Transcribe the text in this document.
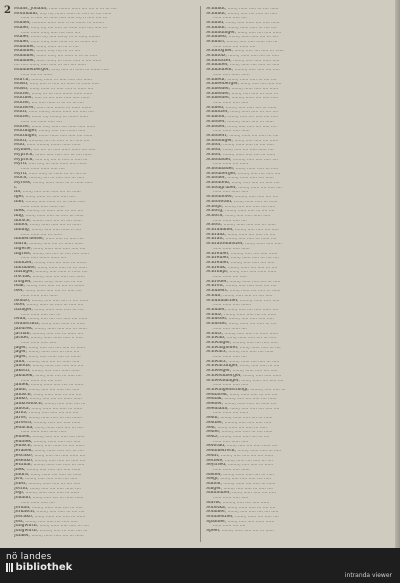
2 Hums, Johann, ...... ........ ...... .... .... .. ... ... ....
Hoffmann, ...., ..., ....... ...... ... ..... ... .... ......
...... .. ..... ... ...... ..... ..... ..., .. ..... .... ...
Humel, .......... ...... ..... .. ... ....... ... ........
Huber, ....., ..., .... ..... ... ...... ..... ..., ..... ...
...... ...... ....., ..... .... ..... ....
Huber, ....... ..., ..... ......, ... .. ....., ........
Huber, ...... ....., ..... ...... ... ... ....... ....
Hummel, ......, ...... ... ... .. ....
Hummel, ....... ...., ..., ... ... ....
Hummel, ....... ....., .... ...... .. ... ... .....
Hummel, ...... ......, ... ...... ..... .. .... ......
.... ..... ......, ..... ..... ... .... .... ......
Hummelberger, ....., ..... ... ...... ... ....... .....
...... .... ... ......
Hurch, ......., ...... ... ..... ..... .... ......
Hussl, ....., ..... .. ..... ... ...... ... ...... .....
Hussl, ......, ...... ... ..... ..... .. ...... ....
Hutter, ......, ... ... ..... ....... ...... ......
Huttner, ..... ... .... ..... ..... ..... ......
Hutter, .... ..... ...... .. ... ... ... ....
Hutterer, ...... ..... ....... ... ...... .......
Huttr, ...... ......., ....... ...... .... ..... ....
Hütter, ....... ..., ......., ... ....... ......
...... .... ...... ..... ....
Hütter, ....... ...., ...... .... ...... ..... ......
Hüttinger, ......., ..... .... ....... .....
Hüttinger, ....... ...... ..... ..... .... ......
Hüttl, ........., .... ... ..... .. ... ..... ....
Hütl, ...... ........, ....... ...... ......
Hybner, .... .... ... ..... ...... ...... .... .....
Hyprich, ....... ..... ..... .... ... .... ......
Hyprich, ..... ..., .... .. ..... .. ..... ...
Hyrtl, ..... ...., ... ..... ...... ..... ......
...... ...... ...... ..... ....
Hyrtl, ...... ....., ... ...... ... ... .... ...
Huch, ........, .... ... ..... .... ... .....
Hyross, ......., ...... ...... ... .. ...... .....
I.
Ibl, ......, ..... ..... ..... .... ... ......
Igel, ......, ...... ... ..... ..... ....
Ihm, ......., ..... ...... ... ... ...... .....
...... ...... ..... ...... ....
Illek, ........, ... ...... ..... ... .... ....
Illig, ......, ...... ..... ... ..... ... ......
Illitsch, ........ ..... .... ... .... ......
Imhof, ......, ...... ..... .... ... ......
Imling, ......., ..... ..... ...... .. ....
...... ...... .... ... ......
Immerheiser, ...... ..... ... ..... ....
Indra, ........, ..... .... ... ...... ......
Ingerle, ......, ...... ..... ..... ..... ....
Ingriss, ......., .... .... ... .... ..... ......
...... ..... ....... ...... ....
Innitzer, ......., ..... .... ..... ... .......
Innthaler, ......, ...... ..... ... ... ......
Inzinger, ........, ..... ...... .. ...... ....
Irschik, ......., ..... .... ..... .... ......
Irsigler, ....... ....., ...... .... ... ....
Isak, ......., ..... ..... ... .... ... .......
Iser, ......, ...... ..... .... ... ..... ....
...... ...... ..... ......
Isonzo, ......., ..... ..... .... .. .... ......
Istel, ......., ...... ... ..... ... ..... ....
Itzinger, ......, ...... ..... ..... ... ....
...... ...... ..... .... ...
Iwan, ......., ..... .... .... ..... .... ......
Iwanschitz, ......, ..... ...... ... ......
Jaburek, ......., ...... ..... .... ... ......
Jachan, ........, ..... .... ... ...... ....
Jäckel, ......., ...... ...... ..... .. .....
...... ...... ..... .....
Jäger, ......, ..... .... .... ..... ... ......
Jäger, ......., ...... ..... ... ..... ....
Jäger, ......, ..... ...... .... ... .......
Jahn, ........, ..... .... ... ...... .....
Jahoda, ......., ...... .... ..... .... ....
Jaksch, ......., ..... ..... ...... ......
Jakubek, ......, ..... .... ... ..... ....
...... ...... .... .... .....
Jamek, ......., ...... ..... .... ... ......
Jandl, ......., ..... .... ..... .... .....
Janisch, ......, ...... ..... ... .... ....
Janko, ......., ..... .... ... ...... ......
Jankowitsch, ......., ..... ..... .... ...
Janota, ......, ...... .... ..... ... ......
Jaritz, ......., ..... ..... .... .... ....
Jaros, ......., ...... ..... ... .... .......
Jarosch, ........, ..... .... ..... ......
Jedlicka, ......, ...... ..... .... ... ....
...... ...... ..... ...... .....
Jelinek, ......., ..... .... ..... .... ......
Jellinek, ........, ...... ..... .... .....
Jenisch, ......, ..... ...... ... .... ......
Jerabek, ......., ...... ..... .... ... ....
Jeschko, ......, ..... .... ..... ...... ....
Jesenko, ........, ..... ..... ... ..... ....
Jettmar, ......., ...... .... ..... ... .....
Jilek, ......., ..... ..... .... ..... ......
Jindra, ......, ...... .... ..... ... ......
Jiru, ......., ..... ..... ..... .... .....
Jobst, ........, ...... ..... ... .... .....
Jöchtl, ......, ..... .... ..... ...... ....
Jogl, ......., ...... ..... ..... ... ......
Johann, ......, ..... .... ... ...... ......
...... ...... ..... ....
Jordan, ......., ...... ..... .... ... .....
Jorkasch, ......., ..... ..... ... .... ....
Joschko, ......, ...... .... ..... ... ......
Jost, ......., ..... ..... .... ..... .....
Jungwirth, ......, ...... ..... ..... ... ....
Jungwirth, ........, ..... ... ..... .... ...
Junker, ......., ...... ..... .... ... ......
Schmidt, ......, ...... ..... ... .... ......
Schmidt, ......., ..... .... ..... ... .....
...... ...... ..... ....
Schmid, ......, ..... ...... .... ..... ......
Schmidl, ......., ...... ..... ... .... ....
Schmidinger, ......, ..... .... ..... ......
Schmied, ......., ...... ..... .... ... ....
Schmirl, ......., ..... ..... ...... .... ...
...... ...... .... ...... ....
Schmögner, ......, ..... .... ..... ... ......
Schmölz, ......., ...... ..... .... ... .....
Schmutzer, ......., ..... ..... ...... .....
Schnabel, ......, ...... .... ..... ... .....
Schnaubelt, ........, ..... ..... .... .....
...... ..... ...... ......
Schnedl, ......., ...... ..... ... .... ....
Schneeberger, ......, ..... .... ..... ....
Schneider, ......., ...... ..... .... ......
Schneider, ......, ..... ..... ... ..... ...
Schneider, ........, ...... .... ..... .....
...... ...... ..... .....
Schnell, ......., ..... ..... .... ... ......
Schnitzer, ......, ...... ..... ... .... ....
Schnöbl, ......., ..... .... ..... .... .....
Schober, ........, ...... ..... ... ......
Schober, ......, ..... ..... .... ..... ....
...... ...... ..... ......
Schöberl, ......., ...... .... ..... ... ....
Schöbinger, ......, ..... ..... .... ......
Schöfl, ......., ...... ..... ... .... .....
Schöll, ......, ..... .... ..... ...... ....
Schön, ......., ...... ..... .... ... ......
Schönauer, ........, ..... ..... ..... ....
...... ...... .... ......
Schönbauer, ......, ...... ..... ... .....
Schönberger, ......., ..... .... ..... ....
Schöner, ......., ...... ..... .... ......
Schönfeld, ......, ..... ..... ... ..... ....
Schöngruber, ......., ...... .... ..... ....
...... ..... ...... .....
Schönhofer, ........, ..... ..... .... ....
Schönwald, ......, ...... ..... ... ......
Schopf, ......., ..... .... ..... .... .....
Schörg, ......., ...... ..... ... .... ....
Schorn, ......, ..... ..... ...... .....
...... ...... ..... ....
Schott, ......., ...... ..... .... ... ......
Schrammel, ......., ..... ..... .... .....
Schranz, ......, ...... .... ..... ... ....
Schratt, ......., ..... ..... ... ...... ....
Schrattenholzer, ......, ...... ..... .....
...... ...... ..... ......
Schreiber, ........, ..... .... ..... ......
Schreiber, ......, ...... ..... ... .... ....
Schreiner, ......., ..... ..... .... .....
Schrenk, ......., ...... .... ..... ... ....
Schrimpf, ......, ..... ..... ...... ......
...... ...... .... .....
Schröder, ......., ...... ..... .... ... .....
Schrott, ......., ..... ..... ..... .... ....
Schubert, ......, ...... .... ..... ... ......
Schuh, ......., ..... ..... ... .... .....
Schuhmacher, ........, ...... ..... .....
...... ...... ..... .......
Schuller, ......, ..... .... ..... ...... ....
Schulz, ......., ...... ..... .... ... ......
Schuster, ......., ..... ..... ..... .....
Schuster, ......, ...... .... ..... ... ....
...... ..... ...... ....
Schütz, ......., ..... ..... ... ...... ......
Schwab, ......, ...... ..... .... ... .....
Schwaiger, ........, ..... .... ..... .....
Schwaighofer, ......, ...... ..... ... ....
Schwarz, ......., ..... ..... .... ......
...... ...... ..... ....
Schwarz, ......., ...... .... ..... ... .....
Schwarzinger, ......, ..... ..... ... ....
Schweiger, ......., ...... ..... .... .....
Schweinberger, ......., ..... ..... ......
Schwendinger, ......, ...... .... ..... ....
...... ...... ..... .....
Schwingenschlögl, ........, ..... ..... ...
Sedlacek, ......, ...... ..... ... .... ....
Sedlak, ......., ..... .... ..... .... ......
Seeber, ......., ...... ..... ... ...... ....
Seemann, ......, ..... ..... .... ..... ....
...... ...... .... ......
Seidl, ......., ...... ..... .... ... ......
Seidler, ........, ..... ..... ..... .....
Seif, ......, ...... .... ..... ... .....
Seiler, ......., ..... ..... ... .... ......
Seitz, ......., ...... ..... .... ... ....
...... ..... ...... .....
Seiwald, ......, ..... .... ..... ...... ....
Semmelrock, ......., ...... ..... ... .....
Senft, ......., ..... ..... .... .... ......
Settele, ......, ...... .... ..... ... ....
Seyfried, ........, ..... ..... ... ......
...... ...... ..... ......
Sieber, ......., ...... ..... .... ... .....
Siegl, ......, ..... ..... ..... .... .....
Simon, ......., ...... .... ..... ... ......
Singer, ......., ..... ..... ... ..... ....
Sinnhuber, ......, ...... ..... .... .....
...... ...... ..... .....
Slavik, ........, ..... .... ..... ......
Sobotka, ......, ...... ..... ... .... ....
Sommer, ......., ..... ..... .... .... .....
Sonnleitner, ......., ...... .... ..... ....
Spanner, ......, ..... ..... ...... ......
...... ...... .... ....
Speer, ......., ...... ..... .... ... ......
nö landes
bibliothek
intranda viewer
